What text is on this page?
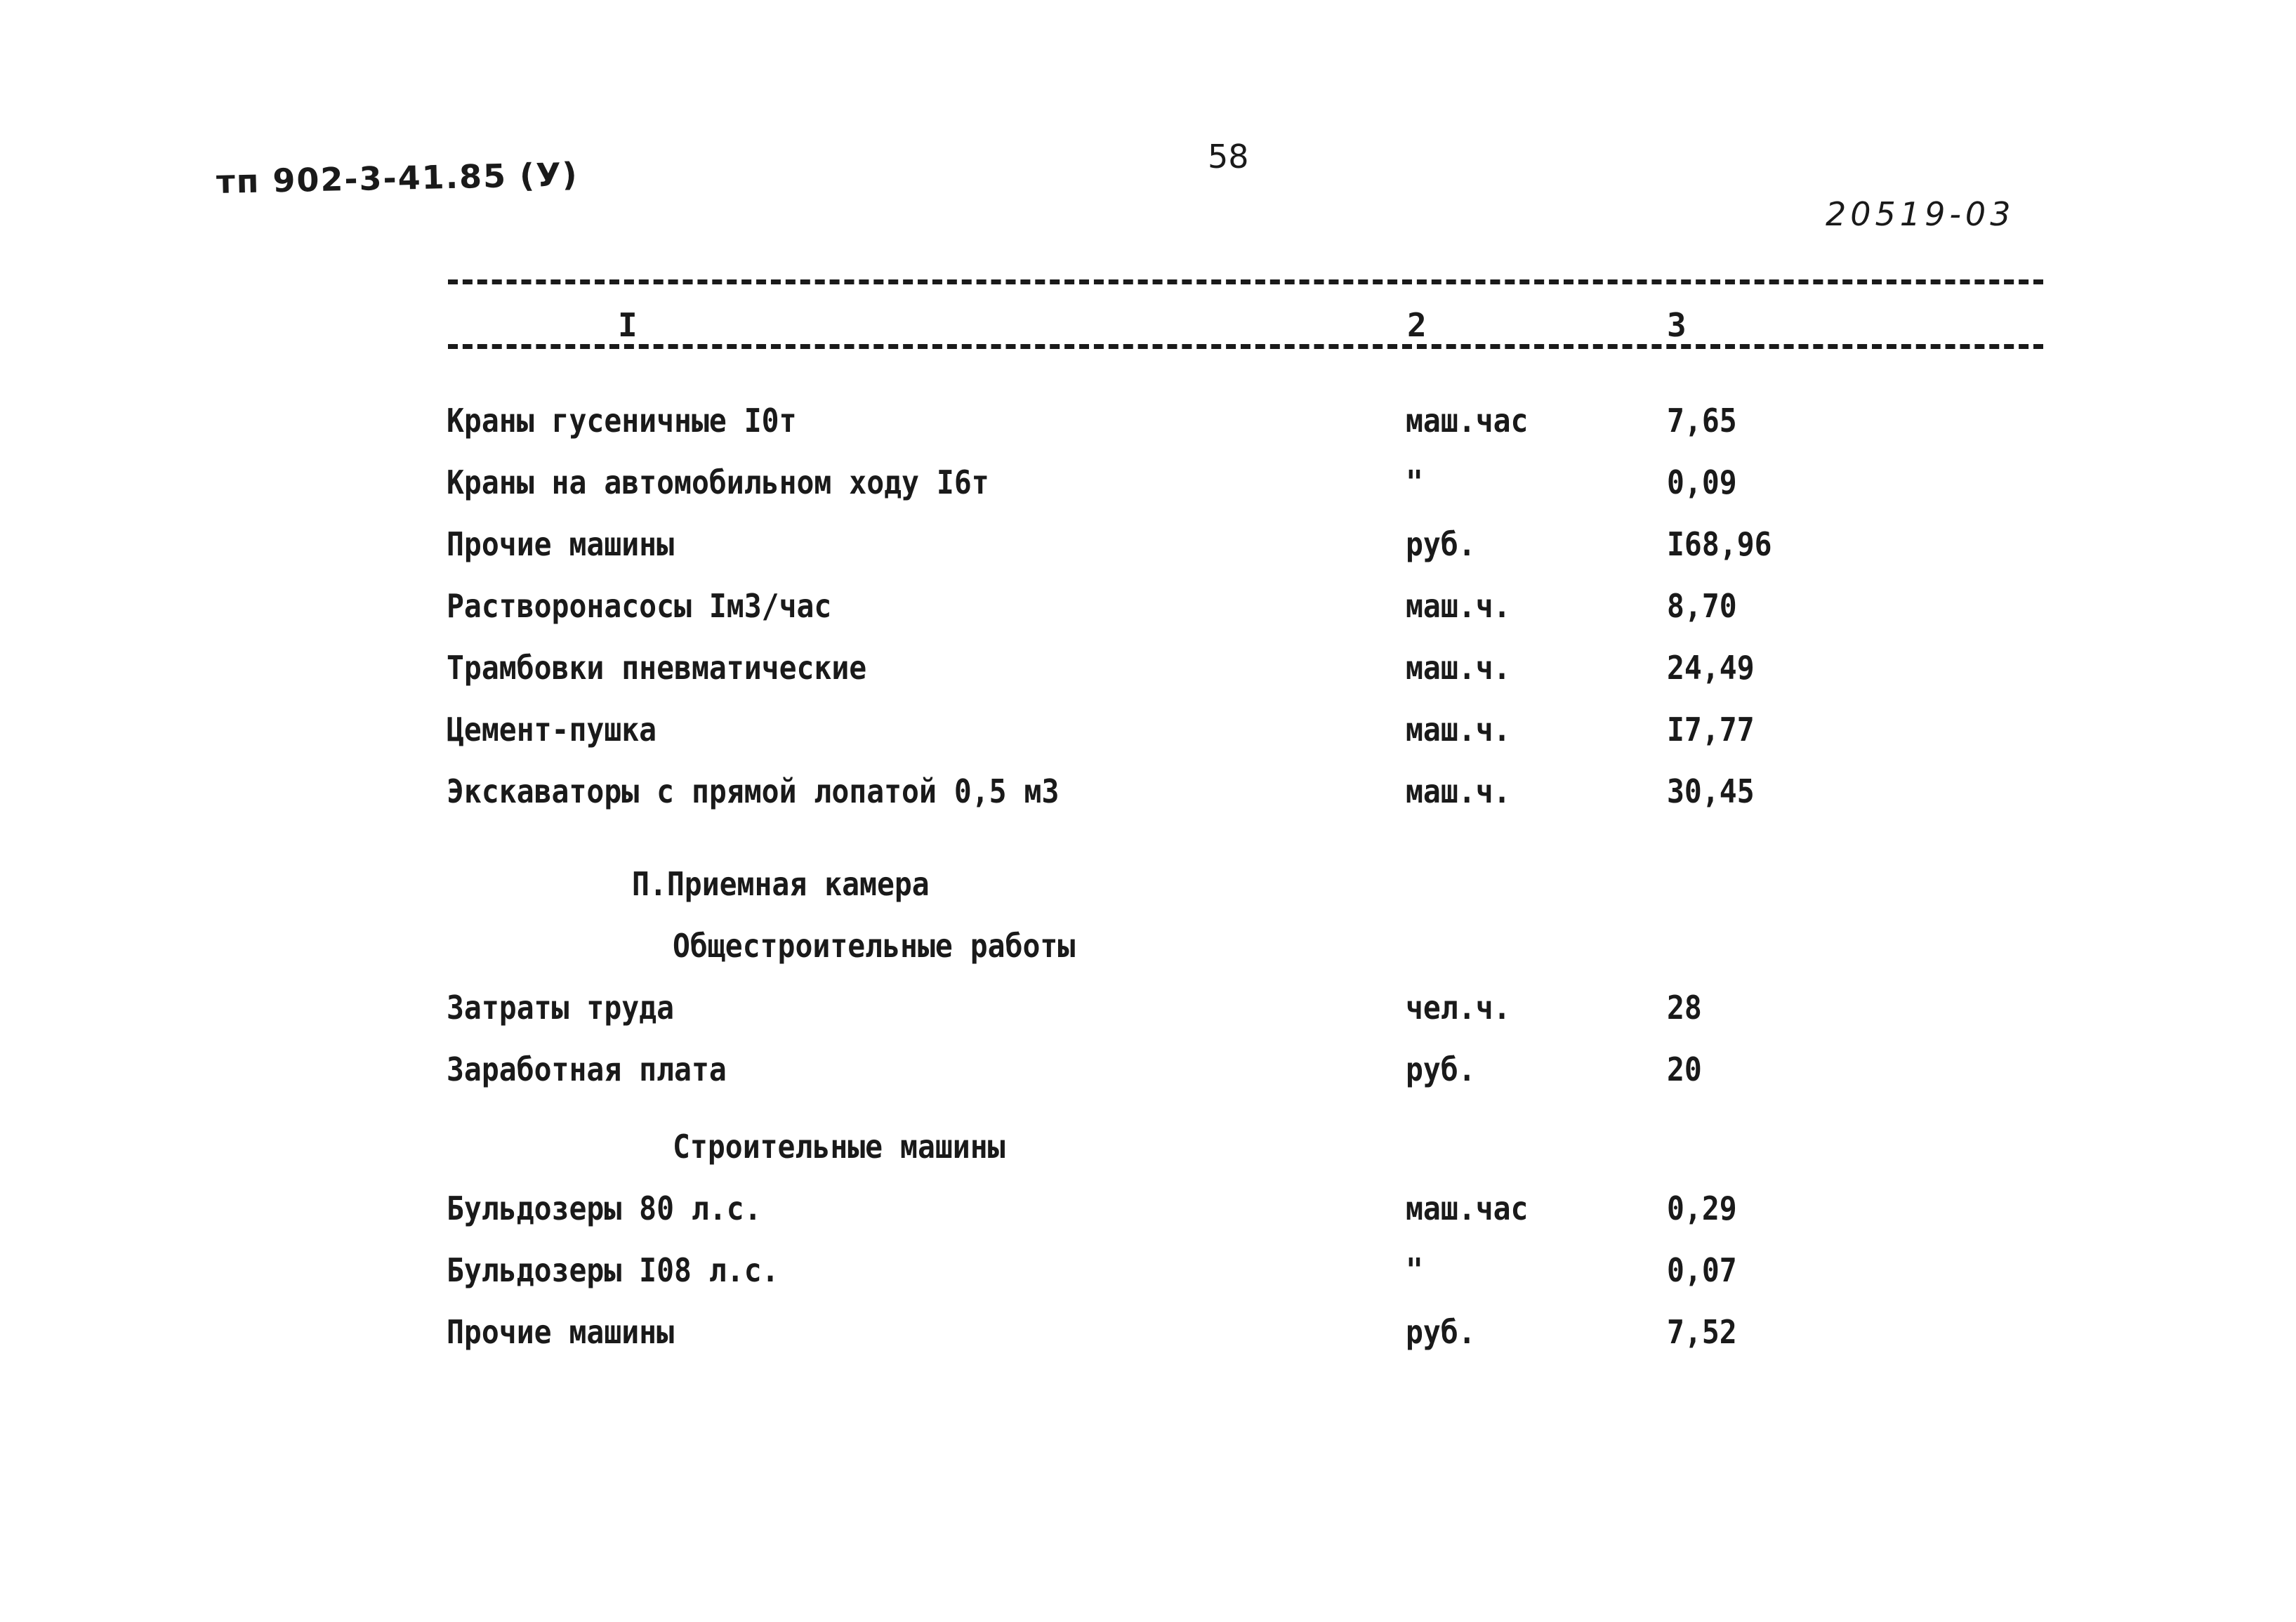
тп 902-3-41.85 (У)	58
20519-03
I	2	3
Краны гусеничные I0т	маш.час	7,65
Краны на автомобильном ходу I6т	"	0,09
Прочие машины	руб.	I68,96
Растворонасосы Iм3/час	маш.ч.	8,70
Трамбовки пневматические	маш.ч.	24,49
Цемент-пушка	маш.ч.	I7,77
Экскаваторы с прямой лопатой 0,5 м3	маш.ч.	30,45
П.Приемная камера
Общестроительные работы
Затраты труда	чел.ч.	28
Заработная плата	руб.	20
Строительные машины
Бульдозеры 80 л.с.	маш.час	0,29
Бульдозеры I08 л.с.	"	0,07
Прочие машины	руб.	7,52
